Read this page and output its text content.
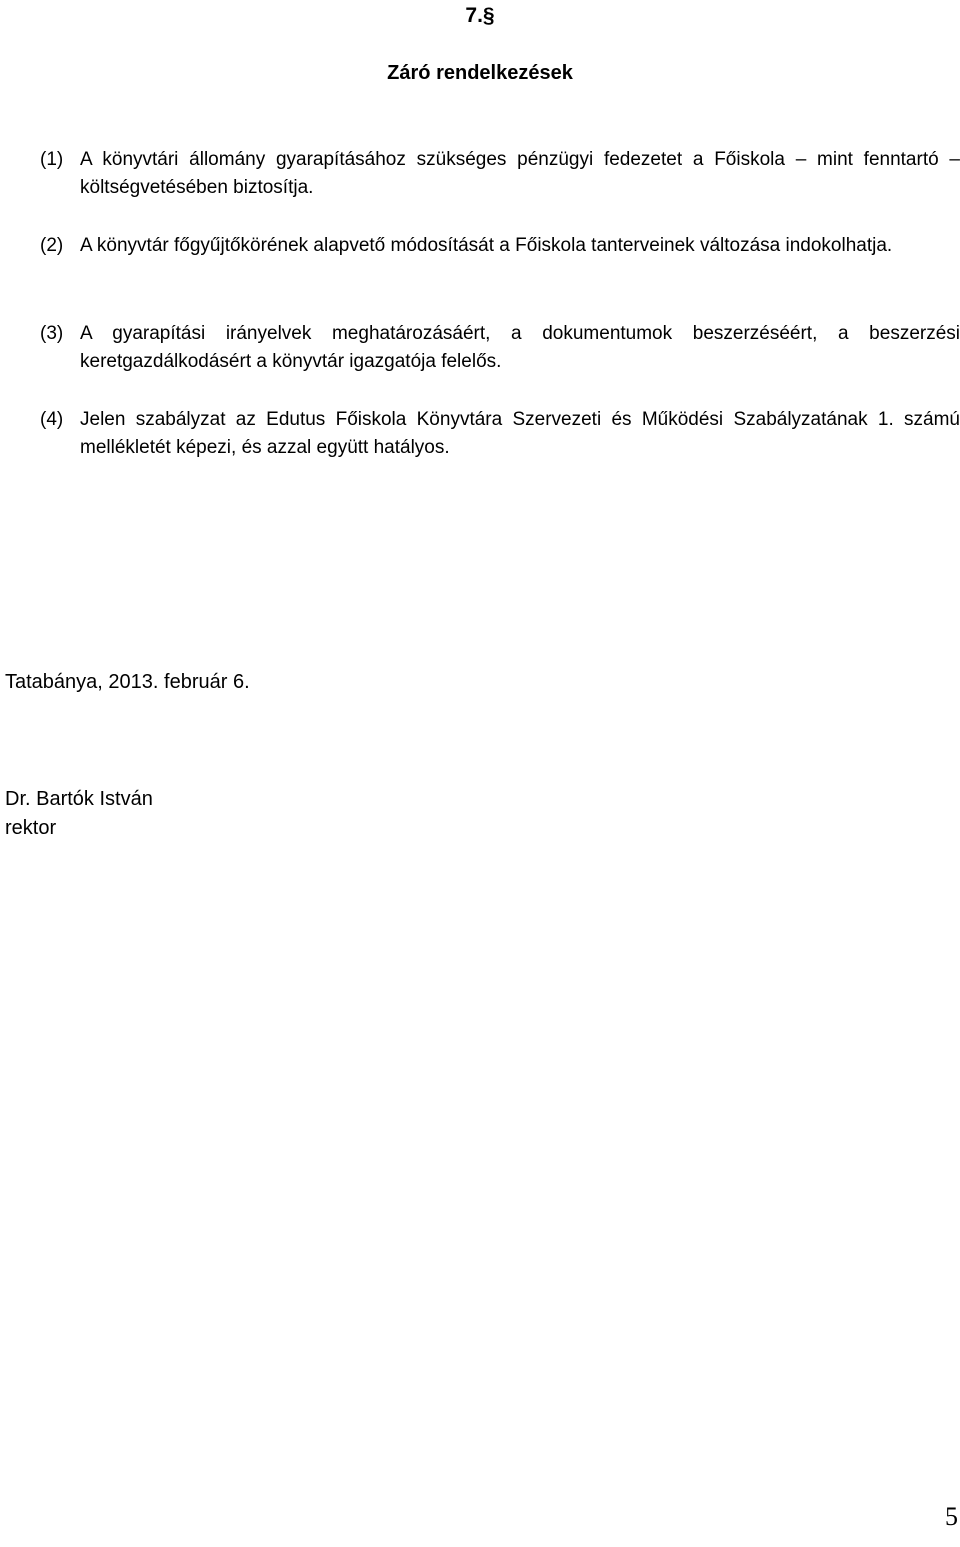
7.§
Záró rendelkezések
(1) A könyvtári állomány gyarapításához szükséges pénzügyi fedezetet a Főiskola – mint fenntartó – költségvetésében biztosítja.
(2) A könyvtár főgyűjtőkörének alapvető módosítását a Főiskola tanterveinek változása indokolhatja.
(3) A gyarapítási irányelvek meghatározásáért, a dokumentumok beszerzéséért, a beszerzési keretgazdálkodásért a könyvtár igazgatója felelős.
(4) Jelen szabályzat az Edutus Főiskola Könyvtára Szervezeti és Működési Szabályzatának 1. számú mellékletét képezi, és azzal együtt hatályos.
Tatabánya, 2013. február 6.
Dr. Bartók István
rektor
5
